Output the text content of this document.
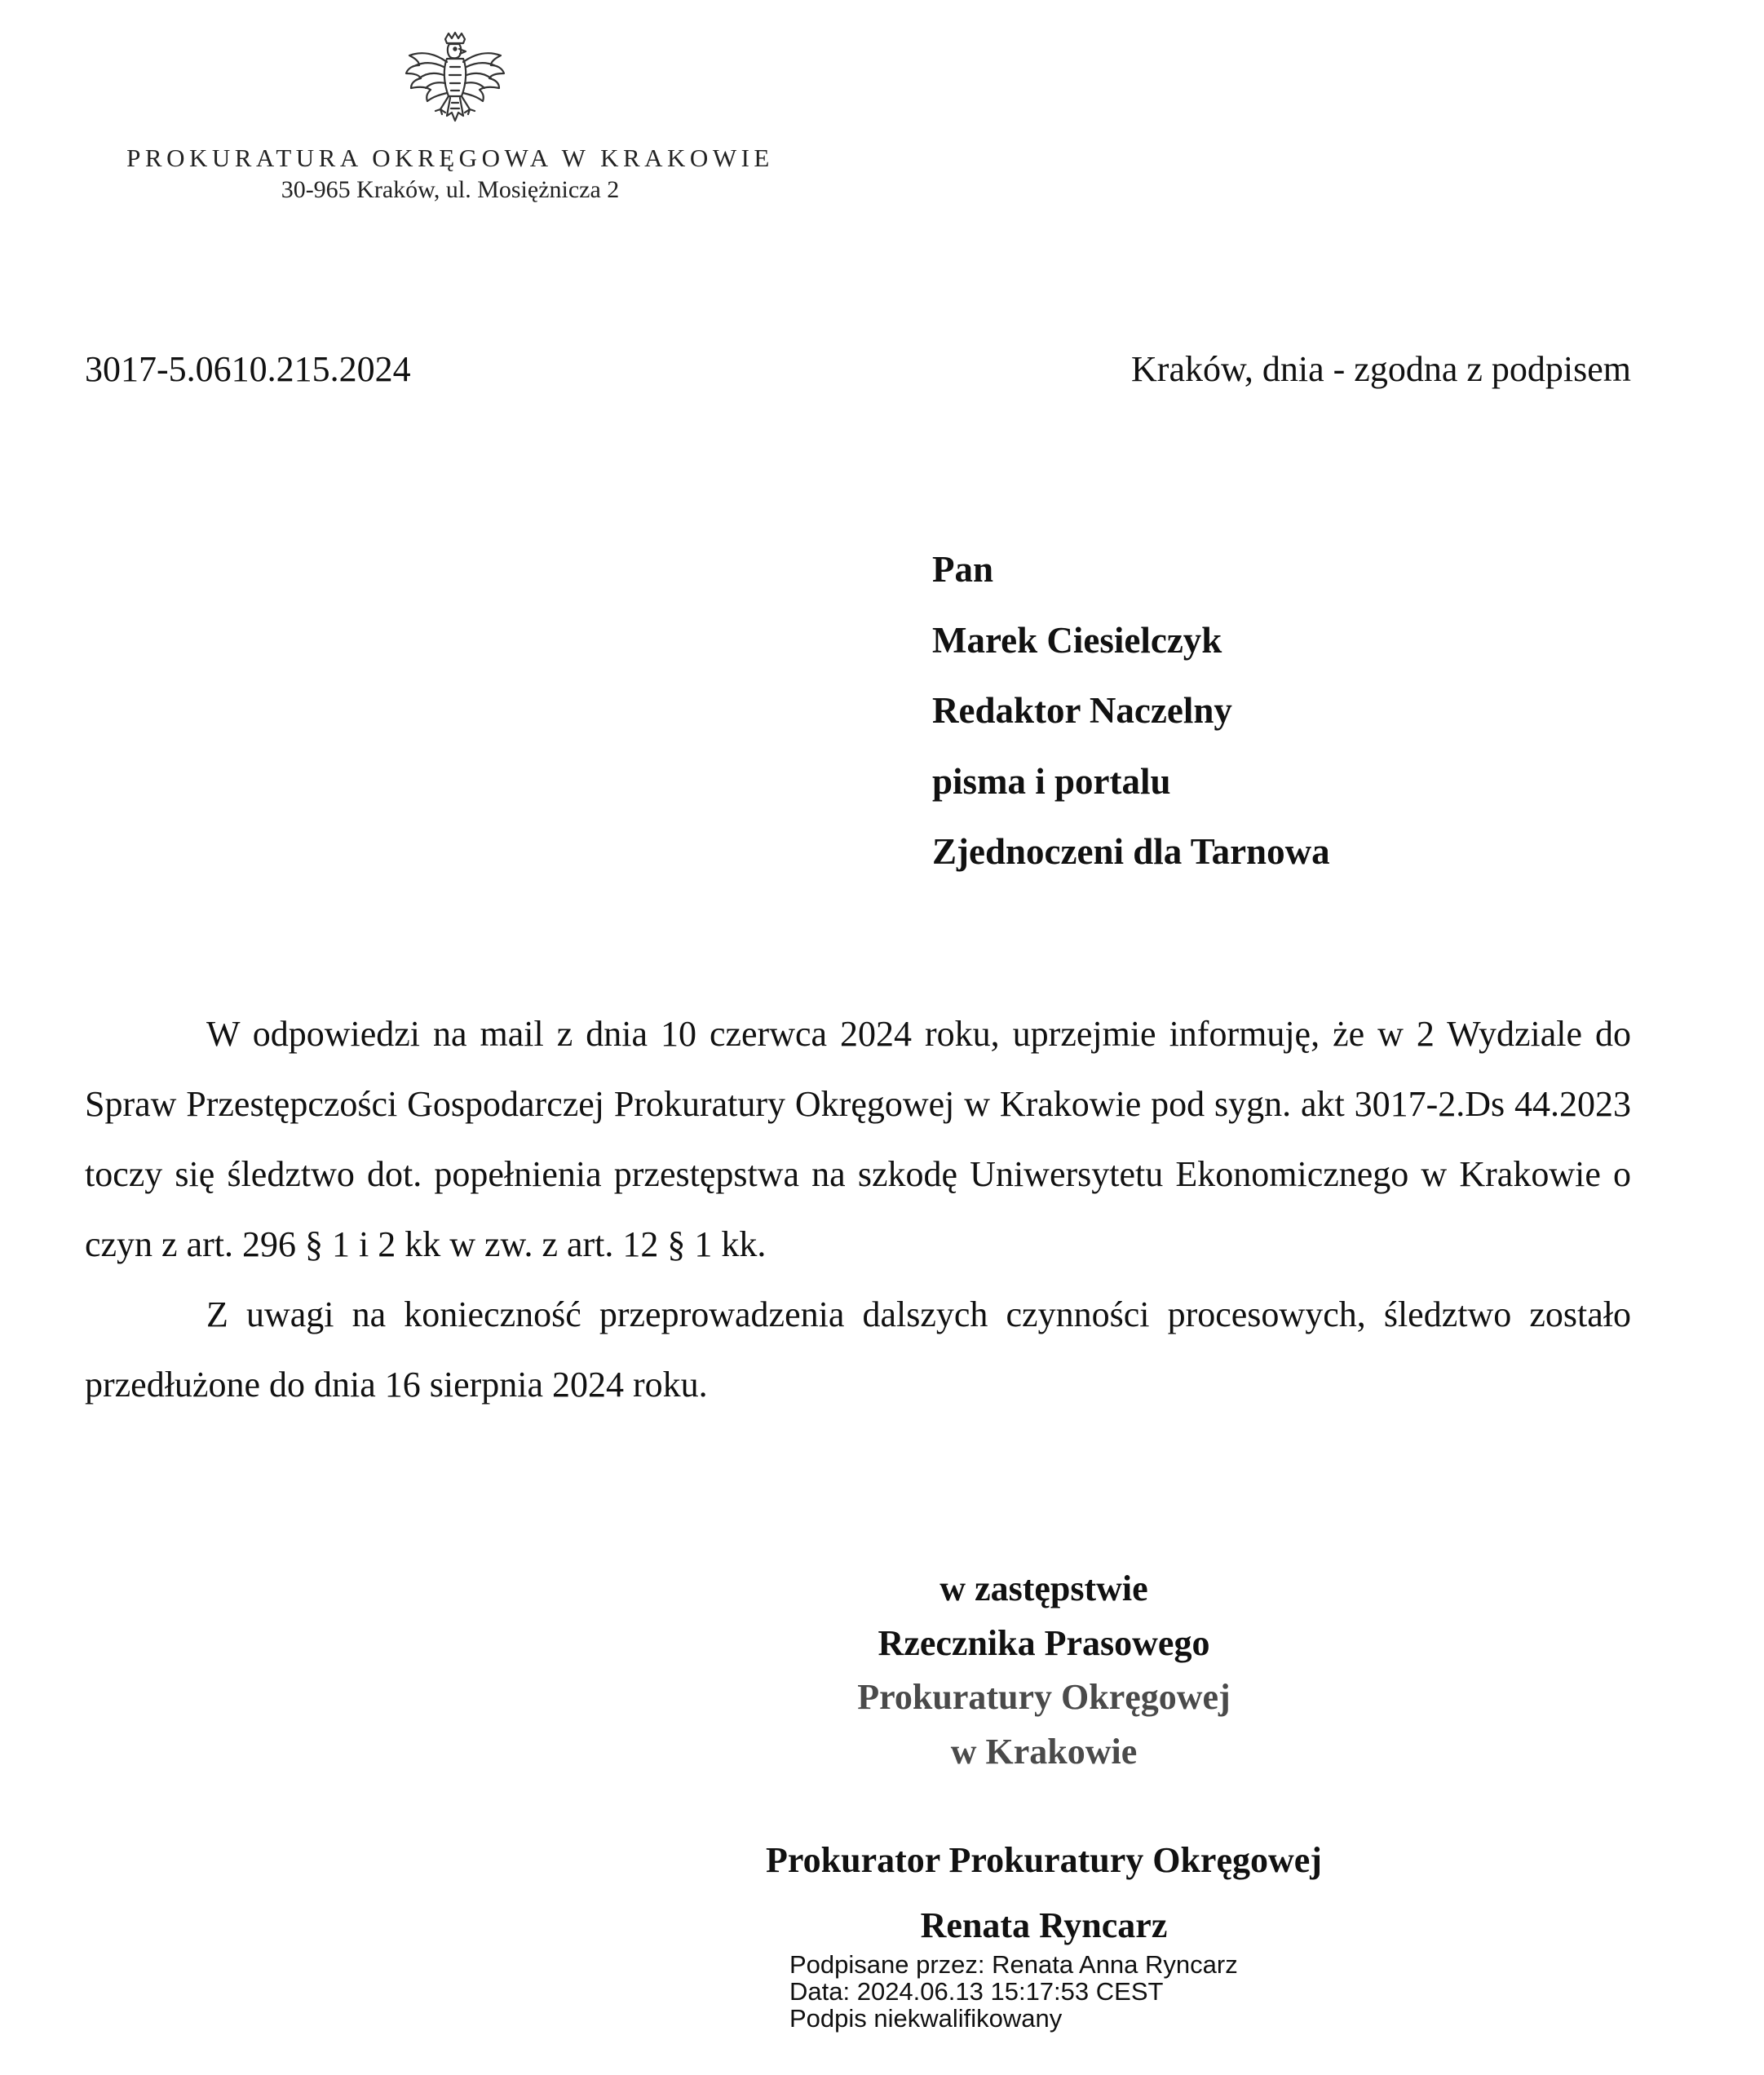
PROKURATURA OKRĘGOWA W KRAKOWIE
30-965 Kraków, ul. Mosiężnicza 2
3017-5.0610.215.2024	Kraków, dnia - zgodna z podpisem
Pan
Marek Ciesielczyk
Redaktor Naczelny
pisma i portalu
Zjednoczeni dla Tarnowa

W odpowiedzi na mail z dnia 10 czerwca 2024 roku, uprzejmie informuję, że w 2 Wydziale do Spraw Przestępczości Gospodarczej Prokuratury Okręgowej w Krakowie pod sygn. akt 3017-2.Ds 44.2023 toczy się śledztwo dot. popełnienia przestępstwa na szkodę Uniwersytetu Ekonomicznego w Krakowie o czyn z art. 296 § 1 i 2 kk w zw. z art. 12 § 1 kk.

Z uwagi na konieczność przeprowadzenia dalszych czynności procesowych, śledztwo zostało przedłużone do dnia 16 sierpnia 2024 roku.

w zastępstwie
Rzecznika Prasowego
Prokuratury Okręgowej
w Krakowie
Prokurator Prokuratury Okręgowej
Renata Ryncarz
Podpisane przez: Renata Anna Ryncarz
Data: 2024.06.13 15:17:53 CEST
Podpis niekwalifikowany
